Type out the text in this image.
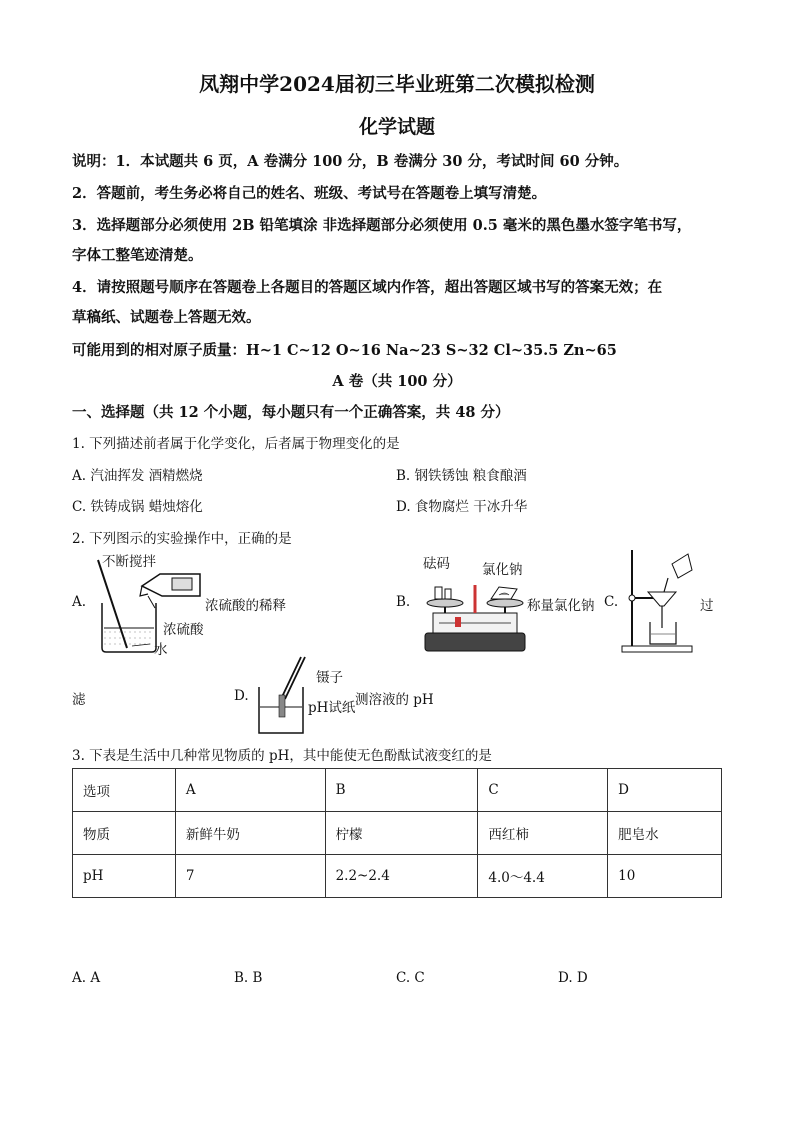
凤翔中学2024届初三毕业班第二次模拟检测
化学试题
说明：1．本试题共 6 页，A 卷满分 100 分，B 卷满分 30 分，考试时间 60 分钟。
2．答题前，考生务必将自己的姓名、班级、考试号在答题卷上填写清楚。
3．选择题部分必须使用 2B 铅笔填涂 非选择题部分必须使用 0.5 毫米的黑色墨水签字笔书写，
字体工整笔迹清楚。
4．请按照题号顺序在答题卷上各题目的答题区域内作答，超出答题区域书写的答案无效；在
草稿纸、试题卷上答题无效。
可能用到的相对原子质量：H~1 C~12 O~16 Na~23 S~32 Cl~35.5 Zn~65
A 卷（共 100 分）
一、选择题（共 12 个小题，每小题只有一个正确答案，共 48 分）
1. 下列描述前者属于化学变化，后者属于物理变化的是
A. 汽油挥发 酒精燃烧	B. 钢铁锈蚀 粮食酿酒
C. 铁铸成锅 蜡烛熔化	D. 食物腐烂 干冰升华
2. 下列图示的实验操作中，正确的是
A.
不断搅拌
浓硫酸的稀释
浓硫酸
水
B.
砝码 氯化钠
称量氯化钠 C.	过
滤	D.
镊子
pH试纸 测溶液的 pH
3. 下表是生活中几种常见物质的 pH，其中能使无色酚酞试液变红的是
选项	A	B	C	D
物质	新鲜牛奶	柠檬	西红柿	肥皂水
pH	7	2.2~2.4	4.0～4.4	10
A. A	B. B	C. C	D. D
